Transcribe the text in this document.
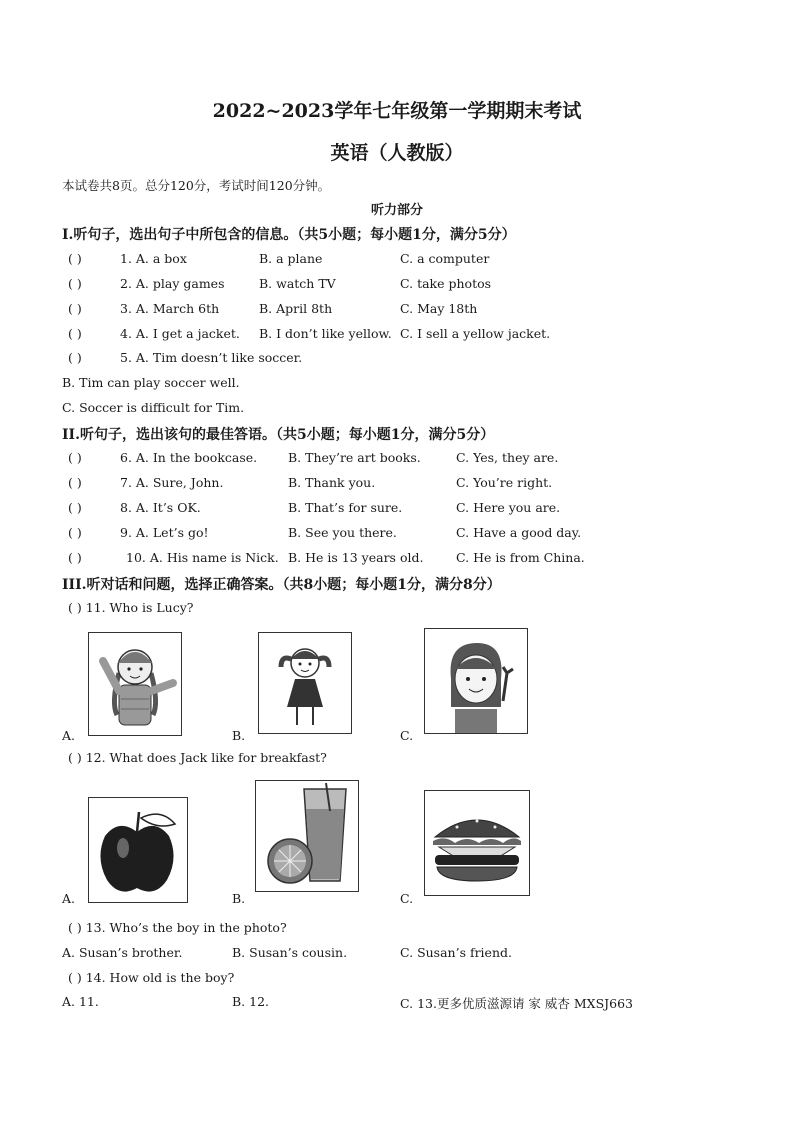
2022~2023学年七年级第一学期期末考试
英语（人教版）
本试卷共8页。总分120分，考试时间120分钟。
听力部分
I.听句子，选出句子中所包含的信息。（共5小题；每小题1分，满分5分）
( )	1. A. a box	B. a plane	C. a computer
( )	2. A. play games	B. watch TV	C. take photos
( )	3. A. March 6th	B. April 8th	C. May 18th
( )	4. A. I get a jacket. B. I don’t like yellow. C. I sell a yellow jacket.
( )	5. A. Tim doesn’t like soccer.
B. Tim can play soccer well.
C. Soccer is difficult for Tim.
II.听句子，选出该句的最佳答语。（共5小题；每小题1分，满分5分）
( )	6. A. In the bookcase. B. They’re art books.	C. Yes, they are.
( )	7. A. Sure, John.	B. Thank you.	C. You’re right.
( )	8. A. It’s OK.	B. That’s for sure.	C. Here you are.
( )	9. A. Let’s go!	B. See you there.	C. Have a good day.
( )	10. A. His name is Nick. B. He is 13 years old.	C. He is from China.
III.听对话和问题，选择正确答案。（共8小题；每小题1分，满分8分）
( ) 11. Who is Lucy?
A.	B.	C.
( ) 12. What does Jack like for breakfast?
A.	B.	C.
( ) 13. Who’s the boy in the photo?
A. Susan’s brother.	B. Susan’s cousin.	C. Susan’s friend.
( ) 14. How old is the boy?
A. 11.	B. 12.	C. 13.更多优质滋源请 家 威杏 MXSJ663
